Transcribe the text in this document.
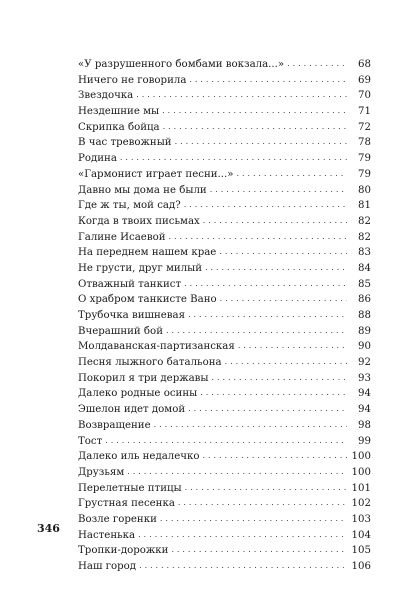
«У разрушенного бомбами вокзала...» . . .	68
Ничего не говорила . . .	69
Звездочка . . .	70
Нездешние мы . . .	71
Скрипка бойца . . .	72
В час тревожный . . .	78
Родина . . .	79
«Гармонист играет песни...» . . .	79
Давно мы дома не были . . .	80
Где ж ты, мой сад? . . .	81
Когда в твоих письмах . . .	82
Галине Исаевой . . .	82
На переднем нашем крае . . .	83
Не грусти, друг милый . . .	84
Отважный танкист . . .	85
О храбром танкисте Вано . . .	86
Трубочка вишневая . . .	88
Вчерашний бой . . .	89
Молдаванская-партизанская . . .	90
Песня лыжного батальона . . .	92
Покорил я три державы . . .	93
Далеко родные осины . . .	94
Эшелон идет домой . . .	94
Возвращение . . .	98
Тост . . .	99
Далеко иль недалечко . . .	100
Друзьям . . .	100
Перелетные птицы . . .	101
Грустная песенка . . .	102
Возле горенки . . .	103
Настенька . . .	104
Тропки-дорожки . . .	105
Наш город . . .	106
346
